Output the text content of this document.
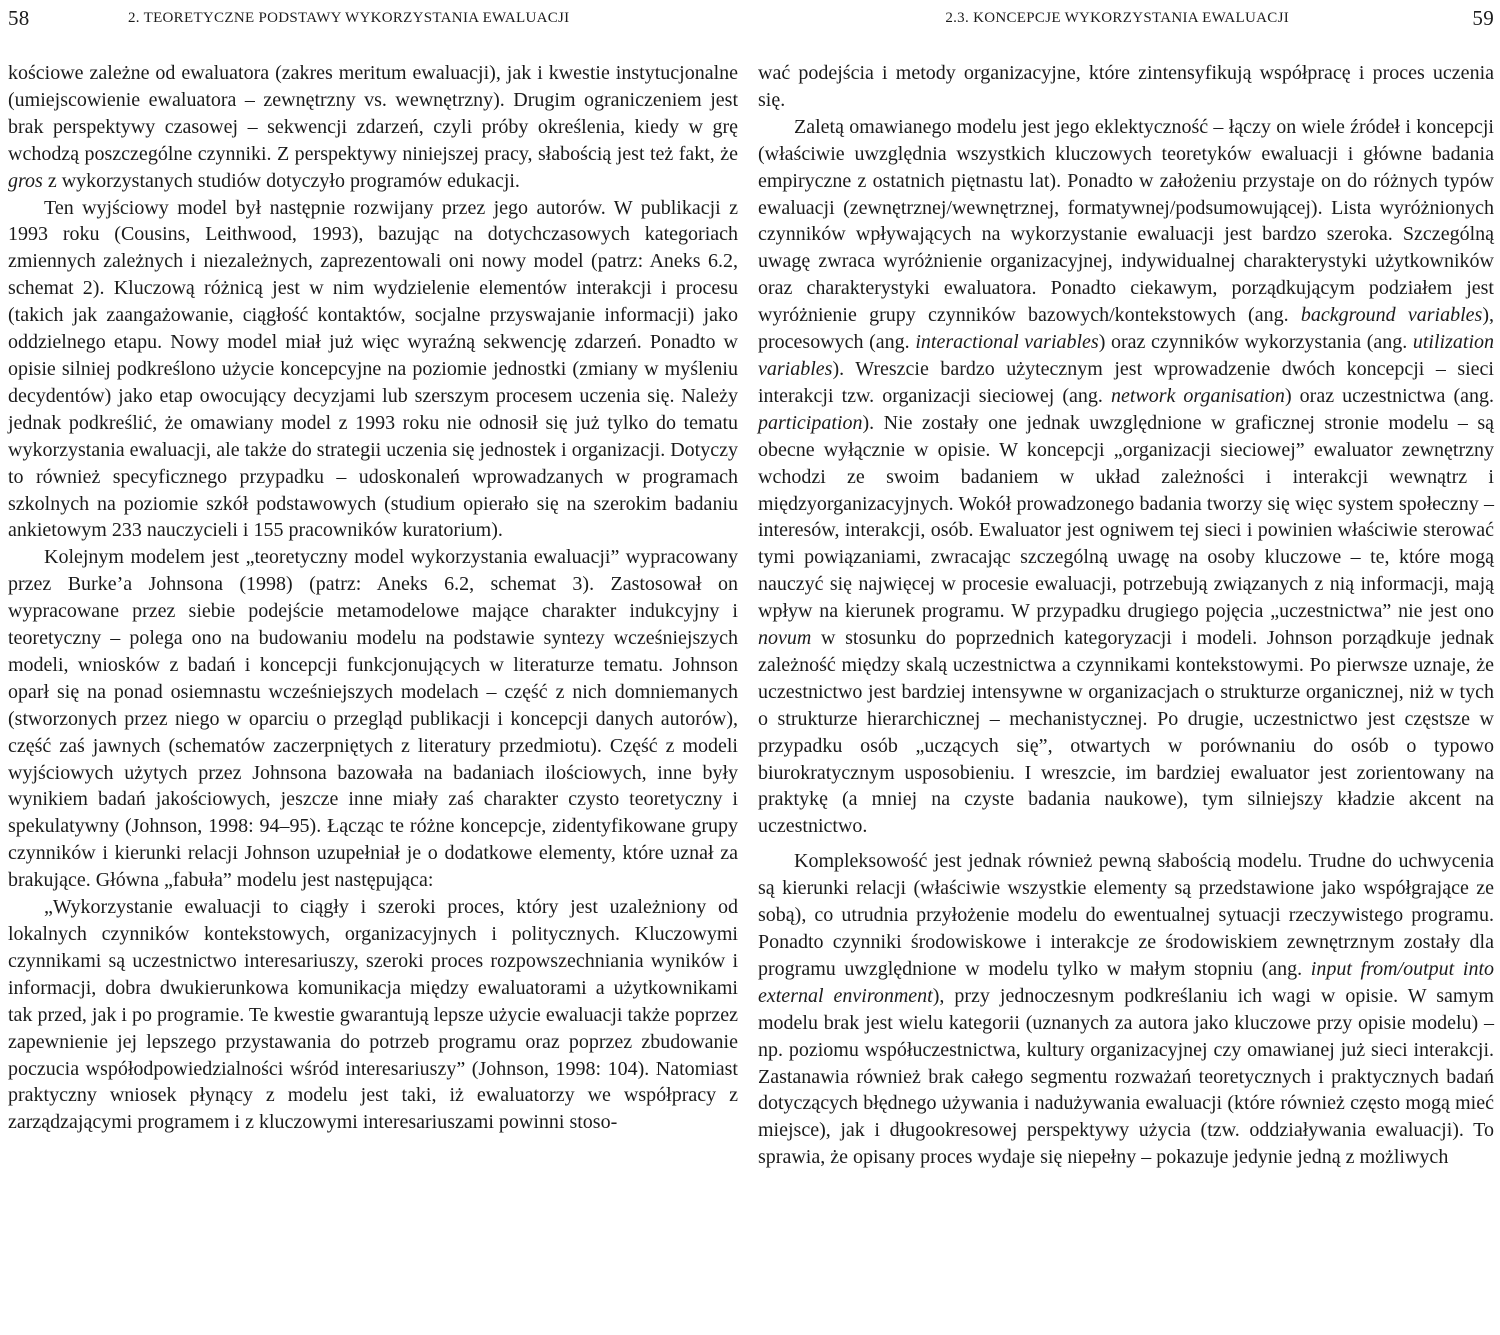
58	2. TEORETYCZNE PODSTAWY WYKORZYSTANIA EWALUACJI

kościowe zależne od ewaluatora (zakres meritum ewaluacji), jak i kwestie instytucjonalne (umiejscowienie ewaluatora – zewnętrzny vs. wewnętrzny). Drugim ograniczeniem jest brak perspektywy czasowej – sekwencji zdarzeń, czyli próby określenia, kiedy w grę wchodzą poszczególne czynniki. Z perspektywy niniejszej pracy, słabością jest też fakt, że gros z wykorzystanych studiów dotyczyło programów edukacji.

Ten wyjściowy model był następnie rozwijany przez jego autorów. W publikacji z 1993 roku (Cousins, Leithwood, 1993), bazując na dotychczasowych kategoriach zmiennych zależnych i niezależnych, zaprezentowali oni nowy model (patrz: Aneks 6.2, schemat 2). Kluczową różnicą jest w nim wydzielenie elementów interakcji i procesu (takich jak zaangażowanie, ciągłość kontaktów, socjalne przyswajanie informacji) jako oddzielnego etapu. Nowy model miał już więc wyraźną sekwencję zdarzeń. Ponadto w opisie silniej podkreślono użycie koncepcyjne na poziomie jednostki (zmiany w myśleniu decydentów) jako etap owocujący decyzjami lub szerszym procesem uczenia się. Należy jednak podkreślić, że omawiany model z 1993 roku nie odnosił się już tylko do tematu wykorzystania ewaluacji, ale także do strategii uczenia się jednostek i organizacji. Dotyczy to również specyficznego przypadku – udoskonaleń wprowadzanych w programach szkolnych na poziomie szkół podstawowych (studium opierało się na szerokim badaniu ankietowym 233 nauczycieli i 155 pracowników kuratorium).

Kolejnym modelem jest „teoretyczny model wykorzystania ewaluacji” wypracowany przez Burke’a Johnsona (1998) (patrz: Aneks 6.2, schemat 3). Zastosował on wypracowane przez siebie podejście metamodelowe mające charakter indukcyjny i teoretyczny – polega ono na budowaniu modelu na podstawie syntezy wcześniejszych modeli, wniosków z badań i koncepcji funkcjonujących w literaturze tematu. Johnson oparł się na ponad osiemnastu wcześniejszych modelach – część z nich domniemanych (stworzonych przez niego w oparciu o przegląd publikacji i koncepcji danych autorów), część zaś jawnych (schematów zaczerpniętych z literatury przedmiotu). Część z modeli wyjściowych użytych przez Johnsona bazowała na badaniach ilościowych, inne były wynikiem badań jakościowych, jeszcze inne miały zaś charakter czysto teoretyczny i spekulatywny (Johnson, 1998: 94–95). Łącząc te różne koncepcje, zidentyfikowane grupy czynników i kierunki relacji Johnson uzupełniał je o dodatkowe elementy, które uznał za brakujące. Główna „fabuła” modelu jest następująca:

„Wykorzystanie ewaluacji to ciągły i szeroki proces, który jest uzależniony od lokalnych czynników kontekstowych, organizacyjnych i politycznych. Kluczowymi czynnikami są uczestnictwo interesariuszy, szeroki proces rozpowszechniania wyników i informacji, dobra dwukierunkowa komunikacja między ewaluatorami a użytkownikami tak przed, jak i po programie. Te kwestie gwarantują lepsze użycie ewaluacji także poprzez zapewnienie jej lepszego przystawania do potrzeb programu oraz poprzez zbudowanie poczucia współodpowiedzialności wśród interesariuszy” (Johnson, 1998: 104). Natomiast praktyczny wniosek płynący z modelu jest taki, iż ewaluatorzy we współpracy z zarządzającymi programem i z kluczowymi interesariuszami powinni stoso-

2.3. KONCEPCJE WYKORZYSTANIA EWALUACJI	59

wać podejścia i metody organizacyjne, które zintensyfikują współpracę i proces uczenia się.

Zaletą omawianego modelu jest jego eklektyczność – łączy on wiele źródeł i koncepcji (właściwie uwzględnia wszystkich kluczowych teoretyków ewaluacji i główne badania empiryczne z ostatnich piętnastu lat). Ponadto w założeniu przystaje on do różnych typów ewaluacji (zewnętrznej/wewnętrznej, formatywnej/podsumowującej). Lista wyróżnionych czynników wpływających na wykorzystanie ewaluacji jest bardzo szeroka. Szczególną uwagę zwraca wyróżnienie organizacyjnej, indywidualnej charakterystyki użytkowników oraz charakterystyki ewaluatora. Ponadto ciekawym, porządkującym podziałem jest wyróżnienie grupy czynników bazowych/kontekstowych (ang. background variables), procesowych (ang. interactional variables) oraz czynników wykorzystania (ang. utilization variables). Wreszcie bardzo użytecznym jest wprowadzenie dwóch koncepcji – sieci interakcji tzw. organizacji sieciowej (ang. network organisation) oraz uczestnictwa (ang. participation). Nie zostały one jednak uwzględnione w graficznej stronie modelu – są obecne wyłącznie w opisie. W koncepcji „organizacji sieciowej” ewaluator zewnętrzny wchodzi ze swoim badaniem w układ zależności i interakcji wewnątrz i międzyorganizacyjnych. Wokół prowadzonego badania tworzy się więc system społeczny – interesów, interakcji, osób. Ewaluator jest ogniwem tej sieci i powinien właściwie sterować tymi powiązaniami, zwracając szczególną uwagę na osoby kluczowe – te, które mogą nauczyć się najwięcej w procesie ewaluacji, potrzebują związanych z nią informacji, mają wpływ na kierunek programu. W przypadku drugiego pojęcia „uczestnictwa” nie jest ono novum w stosunku do poprzednich kategoryzacji i modeli. Johnson porządkuje jednak zależność między skalą uczestnictwa a czynnikami kontekstowymi. Po pierwsze uznaje, że uczestnictwo jest bardziej intensywne w organizacjach o strukturze organicznej, niż w tych o strukturze hierarchicznej – mechanistycznej. Po drugie, uczestnictwo jest częstsze w przypadku osób „uczących się”, otwartych w porównaniu do osób o typowo biurokratycznym usposobieniu. I wreszcie, im bardziej ewaluator jest zorientowany na praktykę (a mniej na czyste badania naukowe), tym silniejszy kładzie akcent na uczestnictwo.

Kompleksowość jest jednak również pewną słabością modelu. Trudne do uchwycenia są kierunki relacji (właściwie wszystkie elementy są przedstawione jako współgrające ze sobą), co utrudnia przyłożenie modelu do ewentualnej sytuacji rzeczywistego programu. Ponadto czynniki środowiskowe i interakcje ze środowiskiem zewnętrznym zostały dla programu uwzględnione w modelu tylko w małym stopniu (ang. input from/output into external environment), przy jednoczesnym podkreślaniu ich wagi w opisie. W samym modelu brak jest wielu kategorii (uznanych za autora jako kluczowe przy opisie modelu) – np. poziomu współuczestnictwa, kultury organizacyjnej czy omawianej już sieci interakcji. Zastanawia również brak całego segmentu rozważań teoretycznych i praktycznych badań dotyczących błędnego używania i nadużywania ewaluacji (które również często mogą mieć miejsce), jak i długookresowej perspektywy użycia (tzw. oddziaływania ewaluacji). To sprawia, że opisany proces wydaje się niepełny – pokazuje jedynie jedną z możliwych
